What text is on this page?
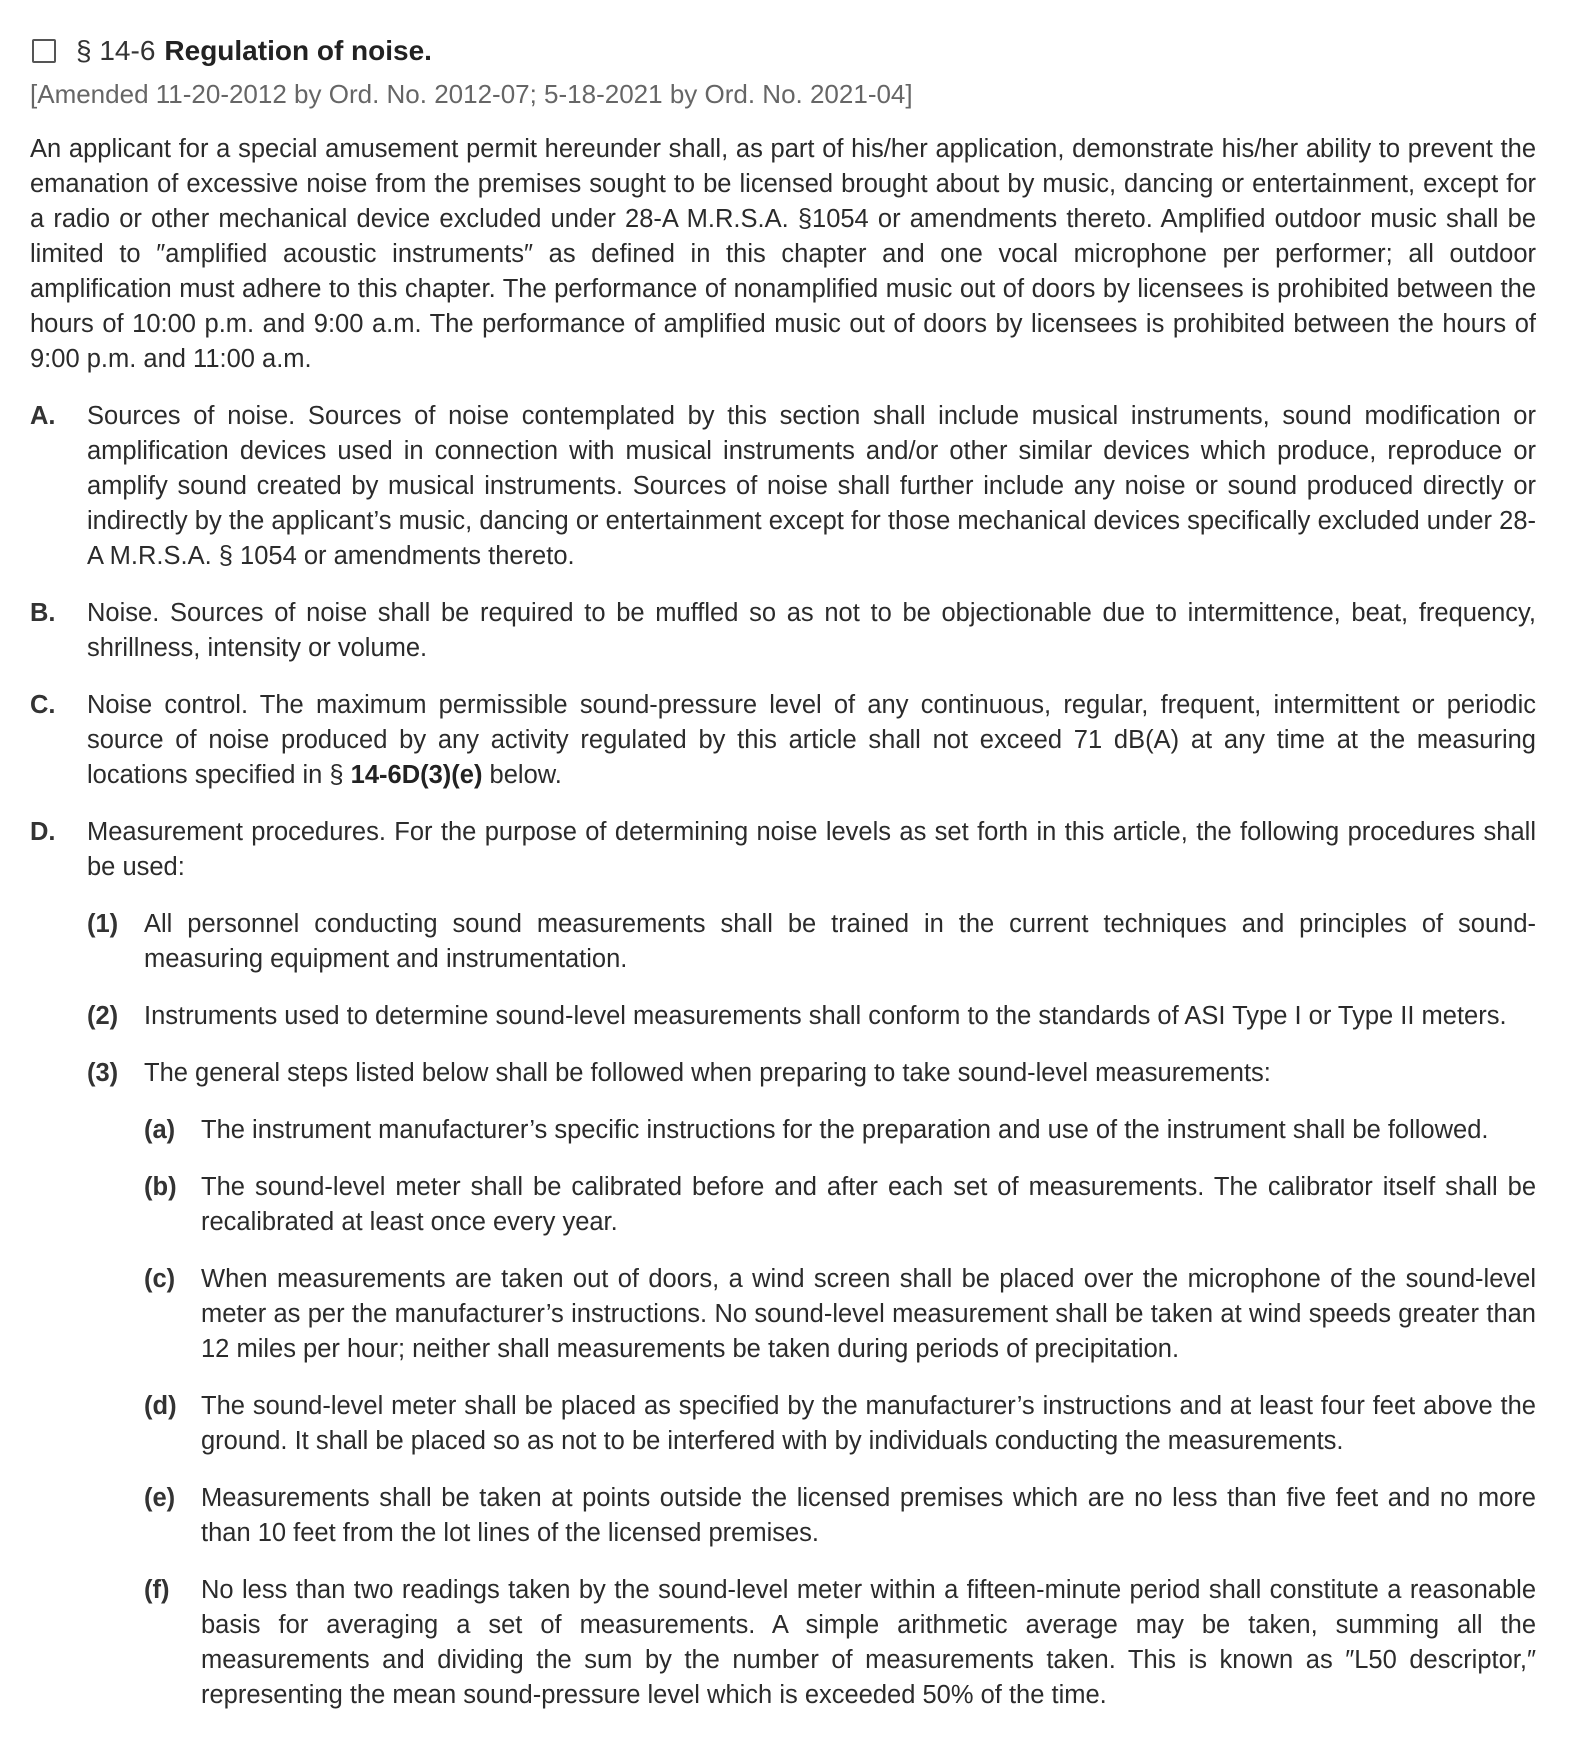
§ 14-6 Regulation of noise.
[Amended 11-20-2012 by Ord. No. 2012-07; 5-18-2021 by Ord. No. 2021-04]
An applicant for a special amusement permit hereunder shall, as part of his/her application, demonstrate his/her ability to prevent the emanation of excessive noise from the premises sought to be licensed brought about by music, dancing or entertainment, except for a radio or other mechanical device excluded under 28-A M.R.S.A. §1054 or amendments thereto. Amplified outdoor music shall be limited to ″amplified acoustic instruments″ as defined in this chapter and one vocal microphone per performer; all outdoor amplification must adhere to this chapter. The performance of nonamplified music out of doors by licensees is prohibited between the hours of 10:00 p.m. and 9:00 a.m. The performance of amplified music out of doors by licensees is prohibited between the hours of 9:00 p.m. and 11:00 a.m.
A.	Sources of noise. Sources of noise contemplated by this section shall include musical instruments, sound modification or amplification devices used in connection with musical instruments and/or other similar devices which produce, reproduce or amplify sound created by musical instruments. Sources of noise shall further include any noise or sound produced directly or indirectly by the applicant’s music, dancing or entertainment except for those mechanical devices specifically excluded under 28-A M.R.S.A. § 1054 or amendments thereto.
B.	Noise. Sources of noise shall be required to be muffled so as not to be objectionable due to intermittence, beat, frequency, shrillness, intensity or volume.
C.	Noise control. The maximum permissible sound-pressure level of any continuous, regular, frequent, intermittent or periodic source of noise produced by any activity regulated by this article shall not exceed 71 dB(A) at any time at the measuring locations specified in § 14-6D(3)(e) below.
D.	Measurement procedures. For the purpose of determining noise levels as set forth in this article, the following procedures shall be used:
(1)	All personnel conducting sound measurements shall be trained in the current techniques and principles of sound-measuring equipment and instrumentation.
(2)	Instruments used to determine sound-level measurements shall conform to the standards of ASI Type I or Type II meters.
(3)	The general steps listed below shall be followed when preparing to take sound-level measurements:
(a)	The instrument manufacturer’s specific instructions for the preparation and use of the instrument shall be followed.
(b) The sound-level meter shall be calibrated before and after each set of measurements. The calibrator itself shall be recalibrated at least once every year.
(c)	When measurements are taken out of doors, a wind screen shall be placed over the microphone of the sound-level meter as per the manufacturer’s instructions. No sound-level measurement shall be taken at wind speeds greater than 12 miles per hour; neither shall measurements be taken during periods of precipitation.
(d) The sound-level meter shall be placed as specified by the manufacturer’s instructions and at least four feet above the ground. It shall be placed so as not to be interfered with by individuals conducting the measurements.
(e)	Measurements shall be taken at points outside the licensed premises which are no less than five feet and no more than 10 feet from the lot lines of the licensed premises.
(f)	No less than two readings taken by the sound-level meter within a fifteen-minute period shall constitute a reasonable basis for averaging a set of measurements. A simple arithmetic average may be taken, summing all the measurements and dividing the sum by the number of measurements taken. This is known as ″L50 descriptor,″ representing the mean sound-pressure level which is exceeded 50% of the time.
